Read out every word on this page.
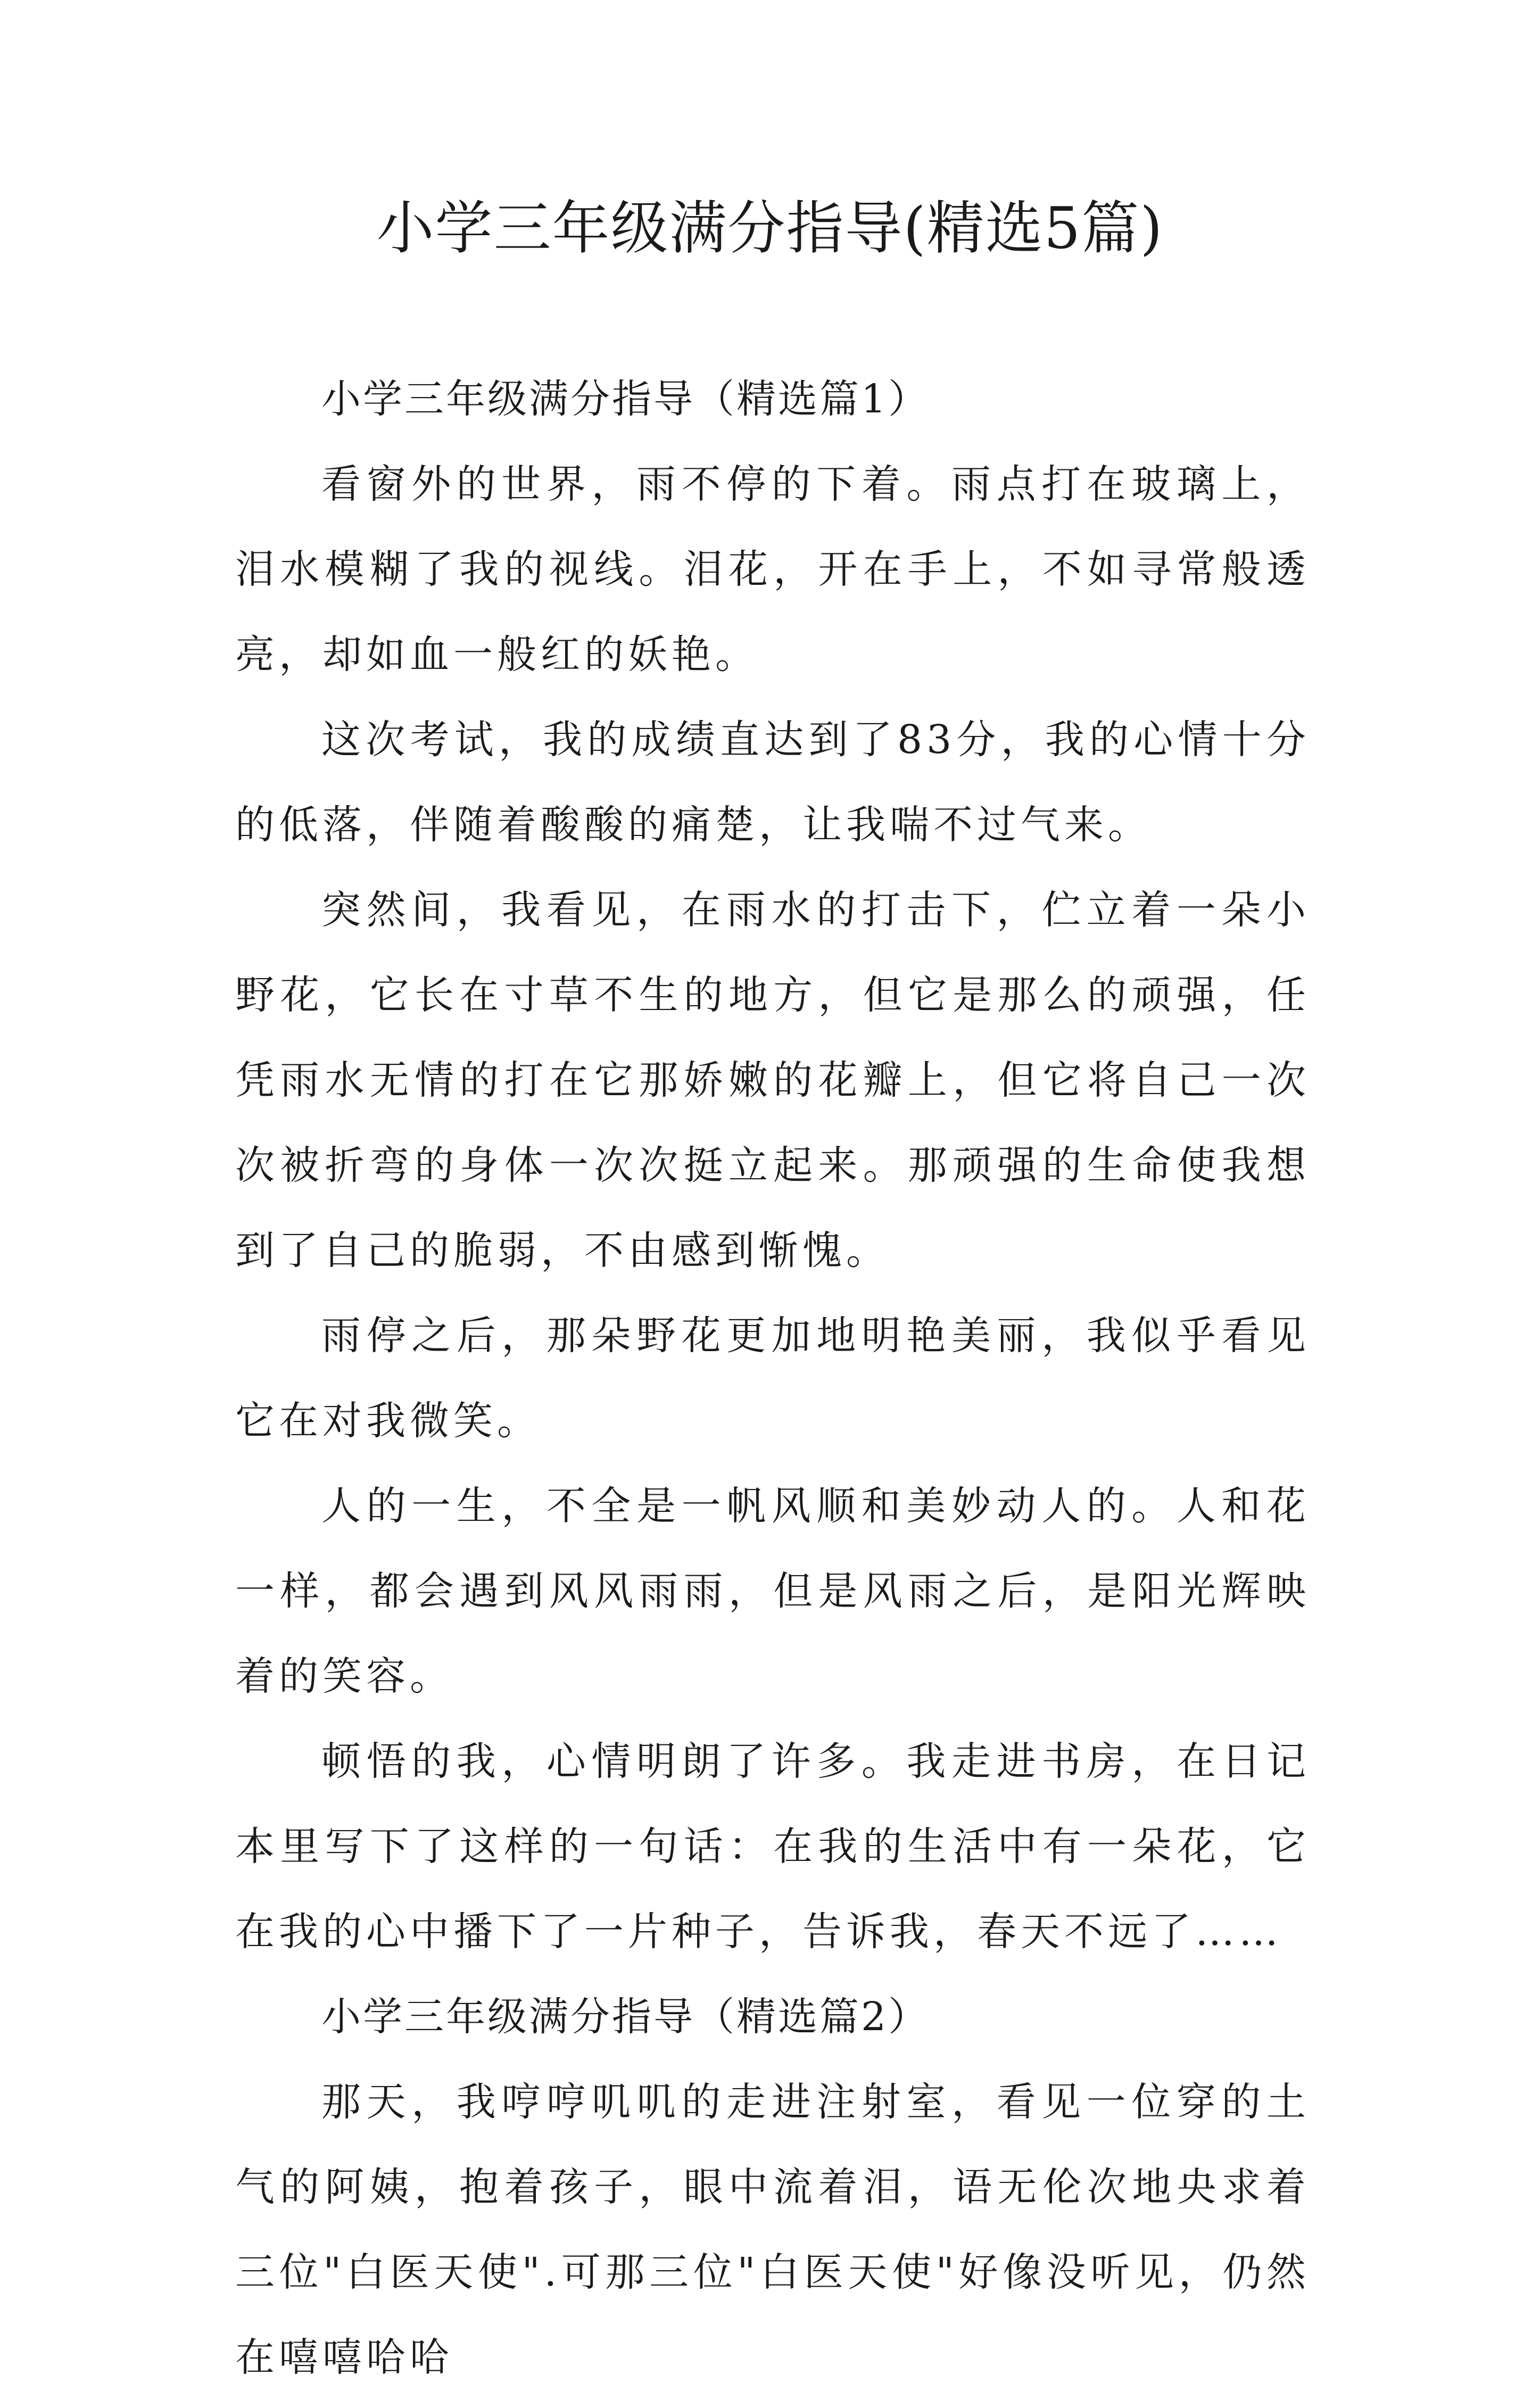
小学三年级满分指导(精选5篇)

小学三年级满分指导（精选篇1）

看窗外的世界，雨不停的下着。雨点打在玻璃上，泪水模糊了我的视线。泪花，开在手上，不如寻常般透亮，却如血一般红的妖艳。

这次考试，我的成绩直达到了83分，我的心情十分的低落，伴随着酸酸的痛楚，让我喘不过气来。

突然间，我看见，在雨水的打击下，伫立着一朵小野花，它长在寸草不生的地方，但它是那么的顽强，任凭雨水无情的打在它那娇嫩的花瓣上，但它将自己一次次被折弯的身体一次次挺立起来。那顽强的生命使我想到了自己的脆弱，不由感到惭愧。

雨停之后，那朵野花更加地明艳美丽，我似乎看见它在对我微笑。

人的一生，不全是一帆风顺和美妙动人的。人和花一样，都会遇到风风雨雨，但是风雨之后，是阳光辉映着的笑容。

顿悟的我，心情明朗了许多。我走进书房，在日记本里写下了这样的一句话：在我的生活中有一朵花，它在我的心中播下了一片种子，告诉我，春天不远了……

小学三年级满分指导（精选篇2）

那天，我哼哼叽叽的走进注射室，看见一位穿的土气的阿姨，抱着孩子，眼中流着泪，语无伦次地央求着三位"白医天使".可那三位"白医天使"好像没听见，仍然在嘻嘻哈哈
